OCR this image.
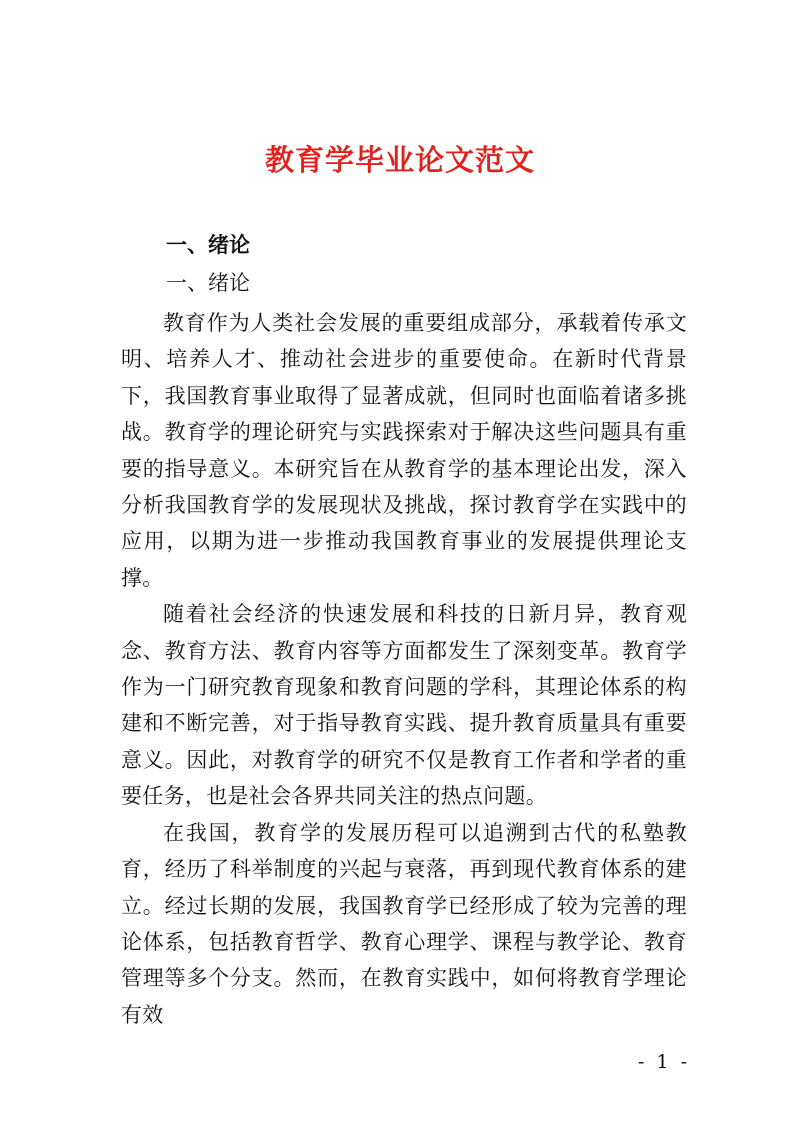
教育学毕业论文范文
一、绪论
一、绪论

教育作为人类社会发展的重要组成部分，承载着传承文明、培养人才、推动社会进步的重要使命。在新时代背景下，我国教育事业取得了显著成就，但同时也面临着诸多挑战。教育学的理论研究与实践探索对于解决这些问题具有重要的指导意义。本研究旨在从教育学的基本理论出发，深入分析我国教育学的发展现状及挑战，探讨教育学在实践中的应用，以期为进一步推动我国教育事业的发展提供理论支撑。

随着社会经济的快速发展和科技的日新月异，教育观念、教育方法、教育内容等方面都发生了深刻变革。教育学作为一门研究教育现象和教育问题的学科，其理论体系的构建和不断完善，对于指导教育实践、提升教育质量具有重要意义。因此，对教育学的研究不仅是教育工作者和学者的重要任务，也是社会各界共同关注的热点问题。

在我国，教育学的发展历程可以追溯到古代的私塾教育，经历了科举制度的兴起与衰落，再到现代教育体系的建立。经过长期的发展，我国教育学已经形成了较为完善的理论体系，包括教育哲学、教育心理学、课程与教学论、教育管理等多个分支。然而，在教育实践中，如何将教育学理论有效

- 1 -
